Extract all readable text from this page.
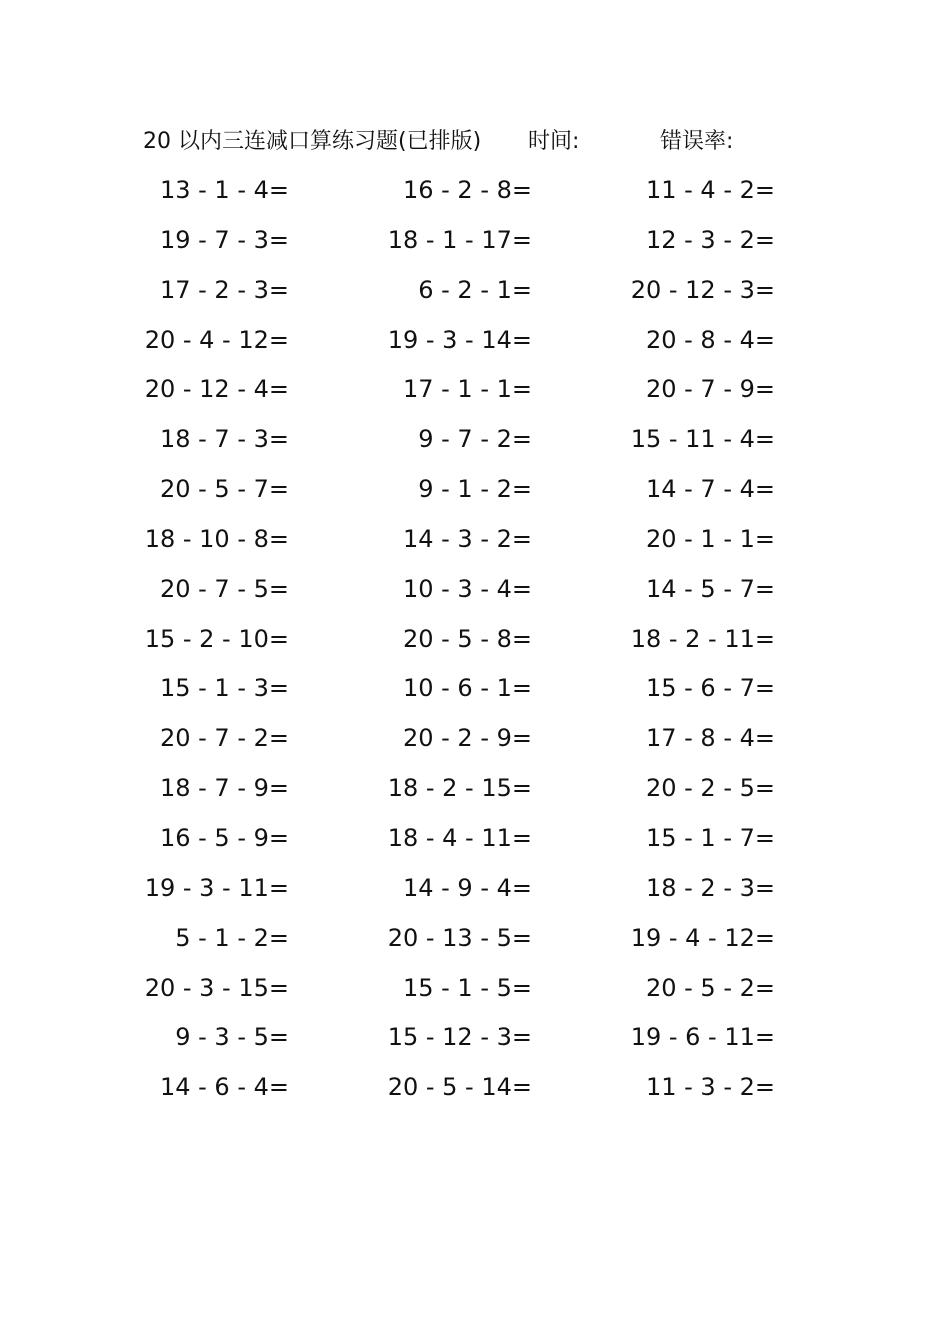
20 以内三连减口算练习题(已排版) 时间:	错误率:
13 - 1 - 4=	16 - 2 - 8=	11 - 4 - 2=
19 - 7 - 3=	18 - 1 - 17=	12 - 3 - 2=
17 - 2 - 3=	6 - 2 - 1=	20 - 12 - 3=
20 - 4 - 12=	19 - 3 - 14=	20 - 8 - 4=
20 - 12 - 4=	17 - 1 - 1=	20 - 7 - 9=
18 - 7 - 3=	9 - 7 - 2=	15 - 11 - 4=
20 - 5 - 7=	9 - 1 - 2=	14 - 7 - 4=
18 - 10 - 8=	14 - 3 - 2=	20 - 1 - 1=
20 - 7 - 5=	10 - 3 - 4=	14 - 5 - 7=
15 - 2 - 10=	20 - 5 - 8=	18 - 2 - 11=
15 - 1 - 3=	10 - 6 - 1=	15 - 6 - 7=
20 - 7 - 2=	20 - 2 - 9=	17 - 8 - 4=
18 - 7 - 9=	18 - 2 - 15=	20 - 2 - 5=
16 - 5 - 9=	18 - 4 - 11=	15 - 1 - 7=
19 - 3 - 11=	14 - 9 - 4=	18 - 2 - 3=
5 - 1 - 2=	20 - 13 - 5=	19 - 4 - 12=
20 - 3 - 15=	15 - 1 - 5=	20 - 5 - 2=
9 - 3 - 5=	15 - 12 - 3=	19 - 6 - 11=
14 - 6 - 4=	20 - 5 - 14=	11 - 3 - 2=
